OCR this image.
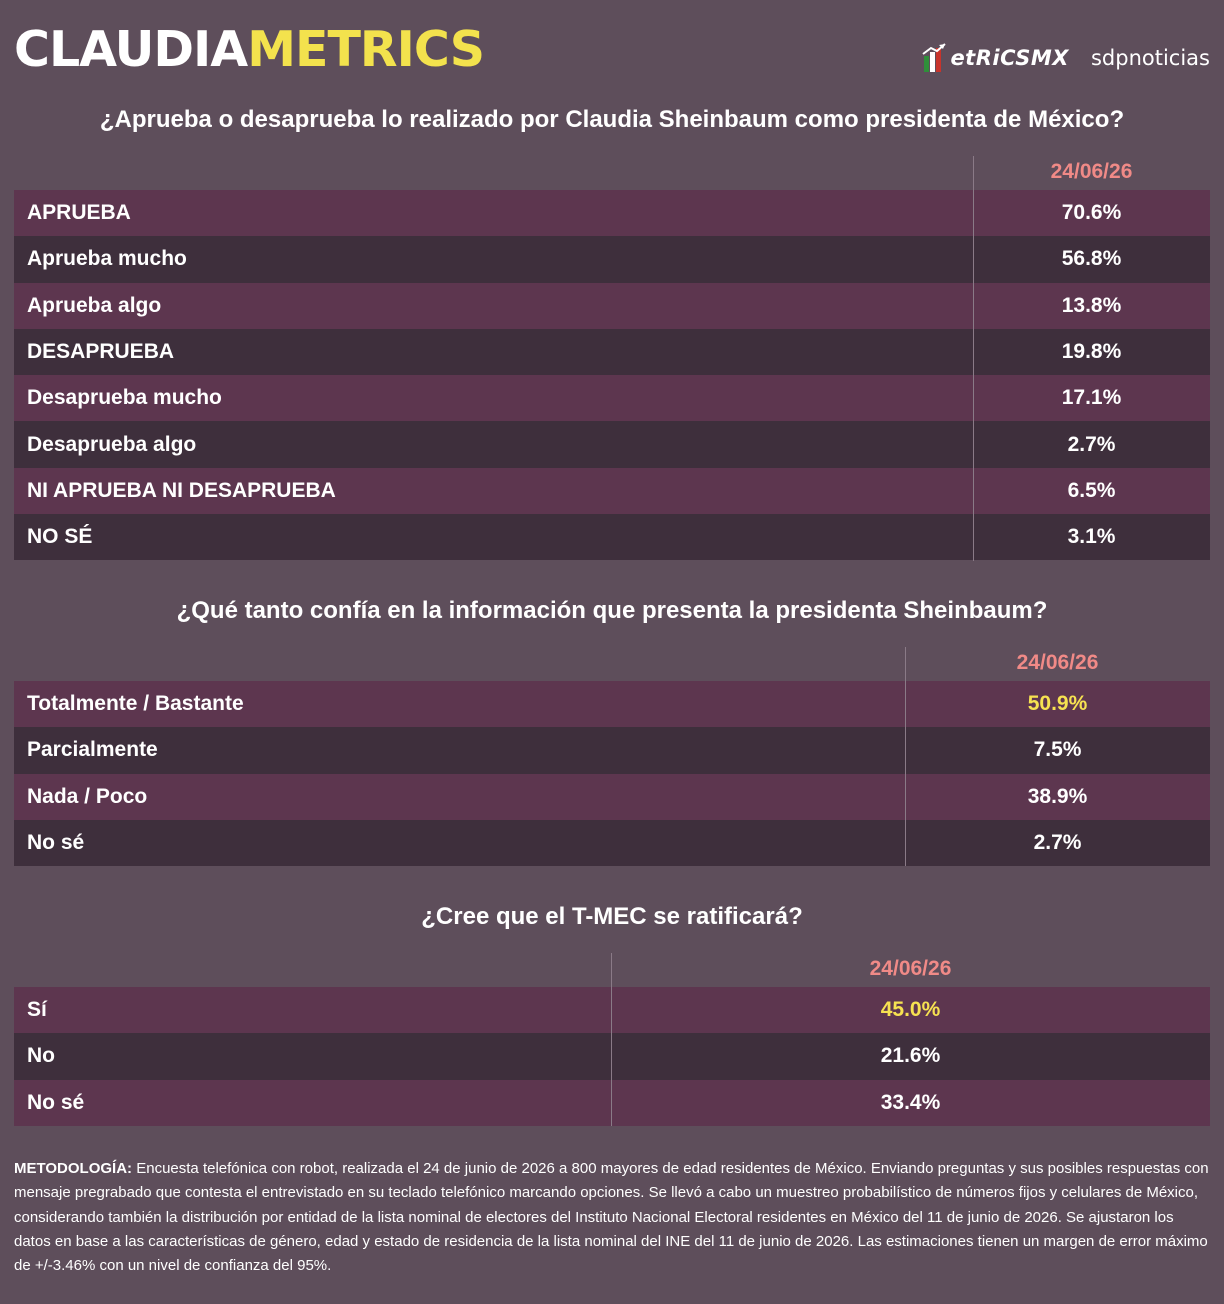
CLAUDIAMETRICS	etRiCSMX sdpnoticias
¿Aprueba o desaprueba lo realizado por Claudia Sheinbaum como presidenta de México?
24/06/26
APRUEBA	70.6%
Aprueba mucho	56.8%
Aprueba algo	13.8%
DESAPRUEBA	19.8%
Desaprueba mucho	17.1%
Desaprueba algo	2.7%
NI APRUEBA NI DESAPRUEBA	6.5%
NO SÉ	3.1%
¿Qué tanto confía en la información que presenta la presidenta Sheinbaum?
24/06/26
Totalmente / Bastante	50.9%
Parcialmente	7.5%
Nada / Poco	38.9%
No sé	2.7%
¿Cree que el T-MEC se ratificará?
24/06/26
Sí	45.0%
No	21.6%
No sé	33.4%
METODOLOGÍA: Encuesta telefónica con robot, realizada el 24 de junio de 2026 a 800 mayores de edad residentes de México. Enviando preguntas y sus posibles respuestas con mensaje pregrabado que contesta el entrevistado en su teclado telefónico marcando opciones. Se llevó a cabo un muestreo probabilístico de números fijos y celulares de México, considerando también la distribución por entidad de la lista nominal de electores del Instituto Nacional Electoral residentes en México del 11 de junio de 2026. Se ajustaron los datos en base a las características de género, edad y estado de residencia de la lista nominal del INE del 11 de junio de 2026. Las estimaciones tienen un margen de error máximo de +/-3.46% con un nivel de confianza del 95%.
